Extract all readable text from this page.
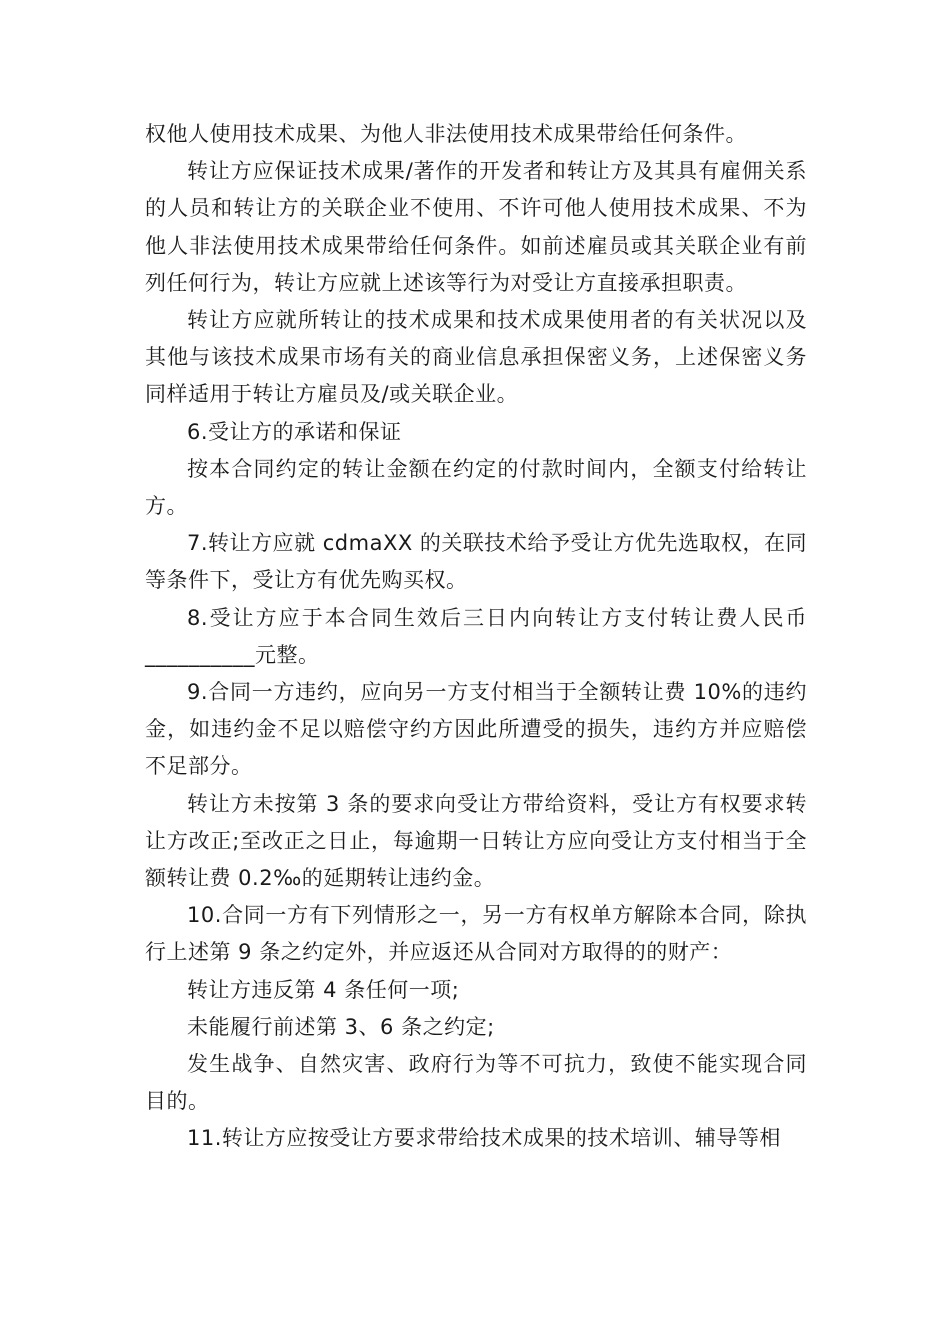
权他人使用技术成果、为他人非法使用技术成果带给任何条件。

转让方应保证技术成果/著作的开发者和转让方及其具有雇佣关系的人员和转让方的关联企业不使用、不许可他人使用技术成果、不为他人非法使用技术成果带给任何条件。如前述雇员或其关联企业有前列任何行为，转让方应就上述该等行为对受让方直接承担职责。

转让方应就所转让的技术成果和技术成果使用者的有关状况以及其他与该技术成果市场有关的商业信息承担保密义务，上述保密义务同样适用于转让方雇员及/或关联企业。

6.受让方的承诺和保证

按本合同约定的转让金额在约定的付款时间内，全额支付给转让方。

7.转让方应就 cdmaXX 的关联技术给予受让方优先选取权，在同等条件下，受让方有优先购买权。

8.受让方应于本合同生效后三日内向转让方支付转让费人民币__________元整。

9.合同一方违约，应向另一方支付相当于全额转让费 10%的违约金，如违约金不足以赔偿守约方因此所遭受的损失，违约方并应赔偿不足部分。

转让方未按第 3 条的要求向受让方带给资料，受让方有权要求转让方改正;至改正之日止，每逾期一日转让方应向受让方支付相当于全额转让费 0.2‰的延期转让违约金。

10.合同一方有下列情形之一，另一方有权单方解除本合同，除执行上述第 9 条之约定外，并应返还从合同对方取得的的财产：

转让方违反第 4 条任何一项;

未能履行前述第 3、6 条之约定;

发生战争、自然灾害、政府行为等不可抗力，致使不能实现合同目的。

11.转让方应按受让方要求带给技术成果的技术培训、辅导等相
